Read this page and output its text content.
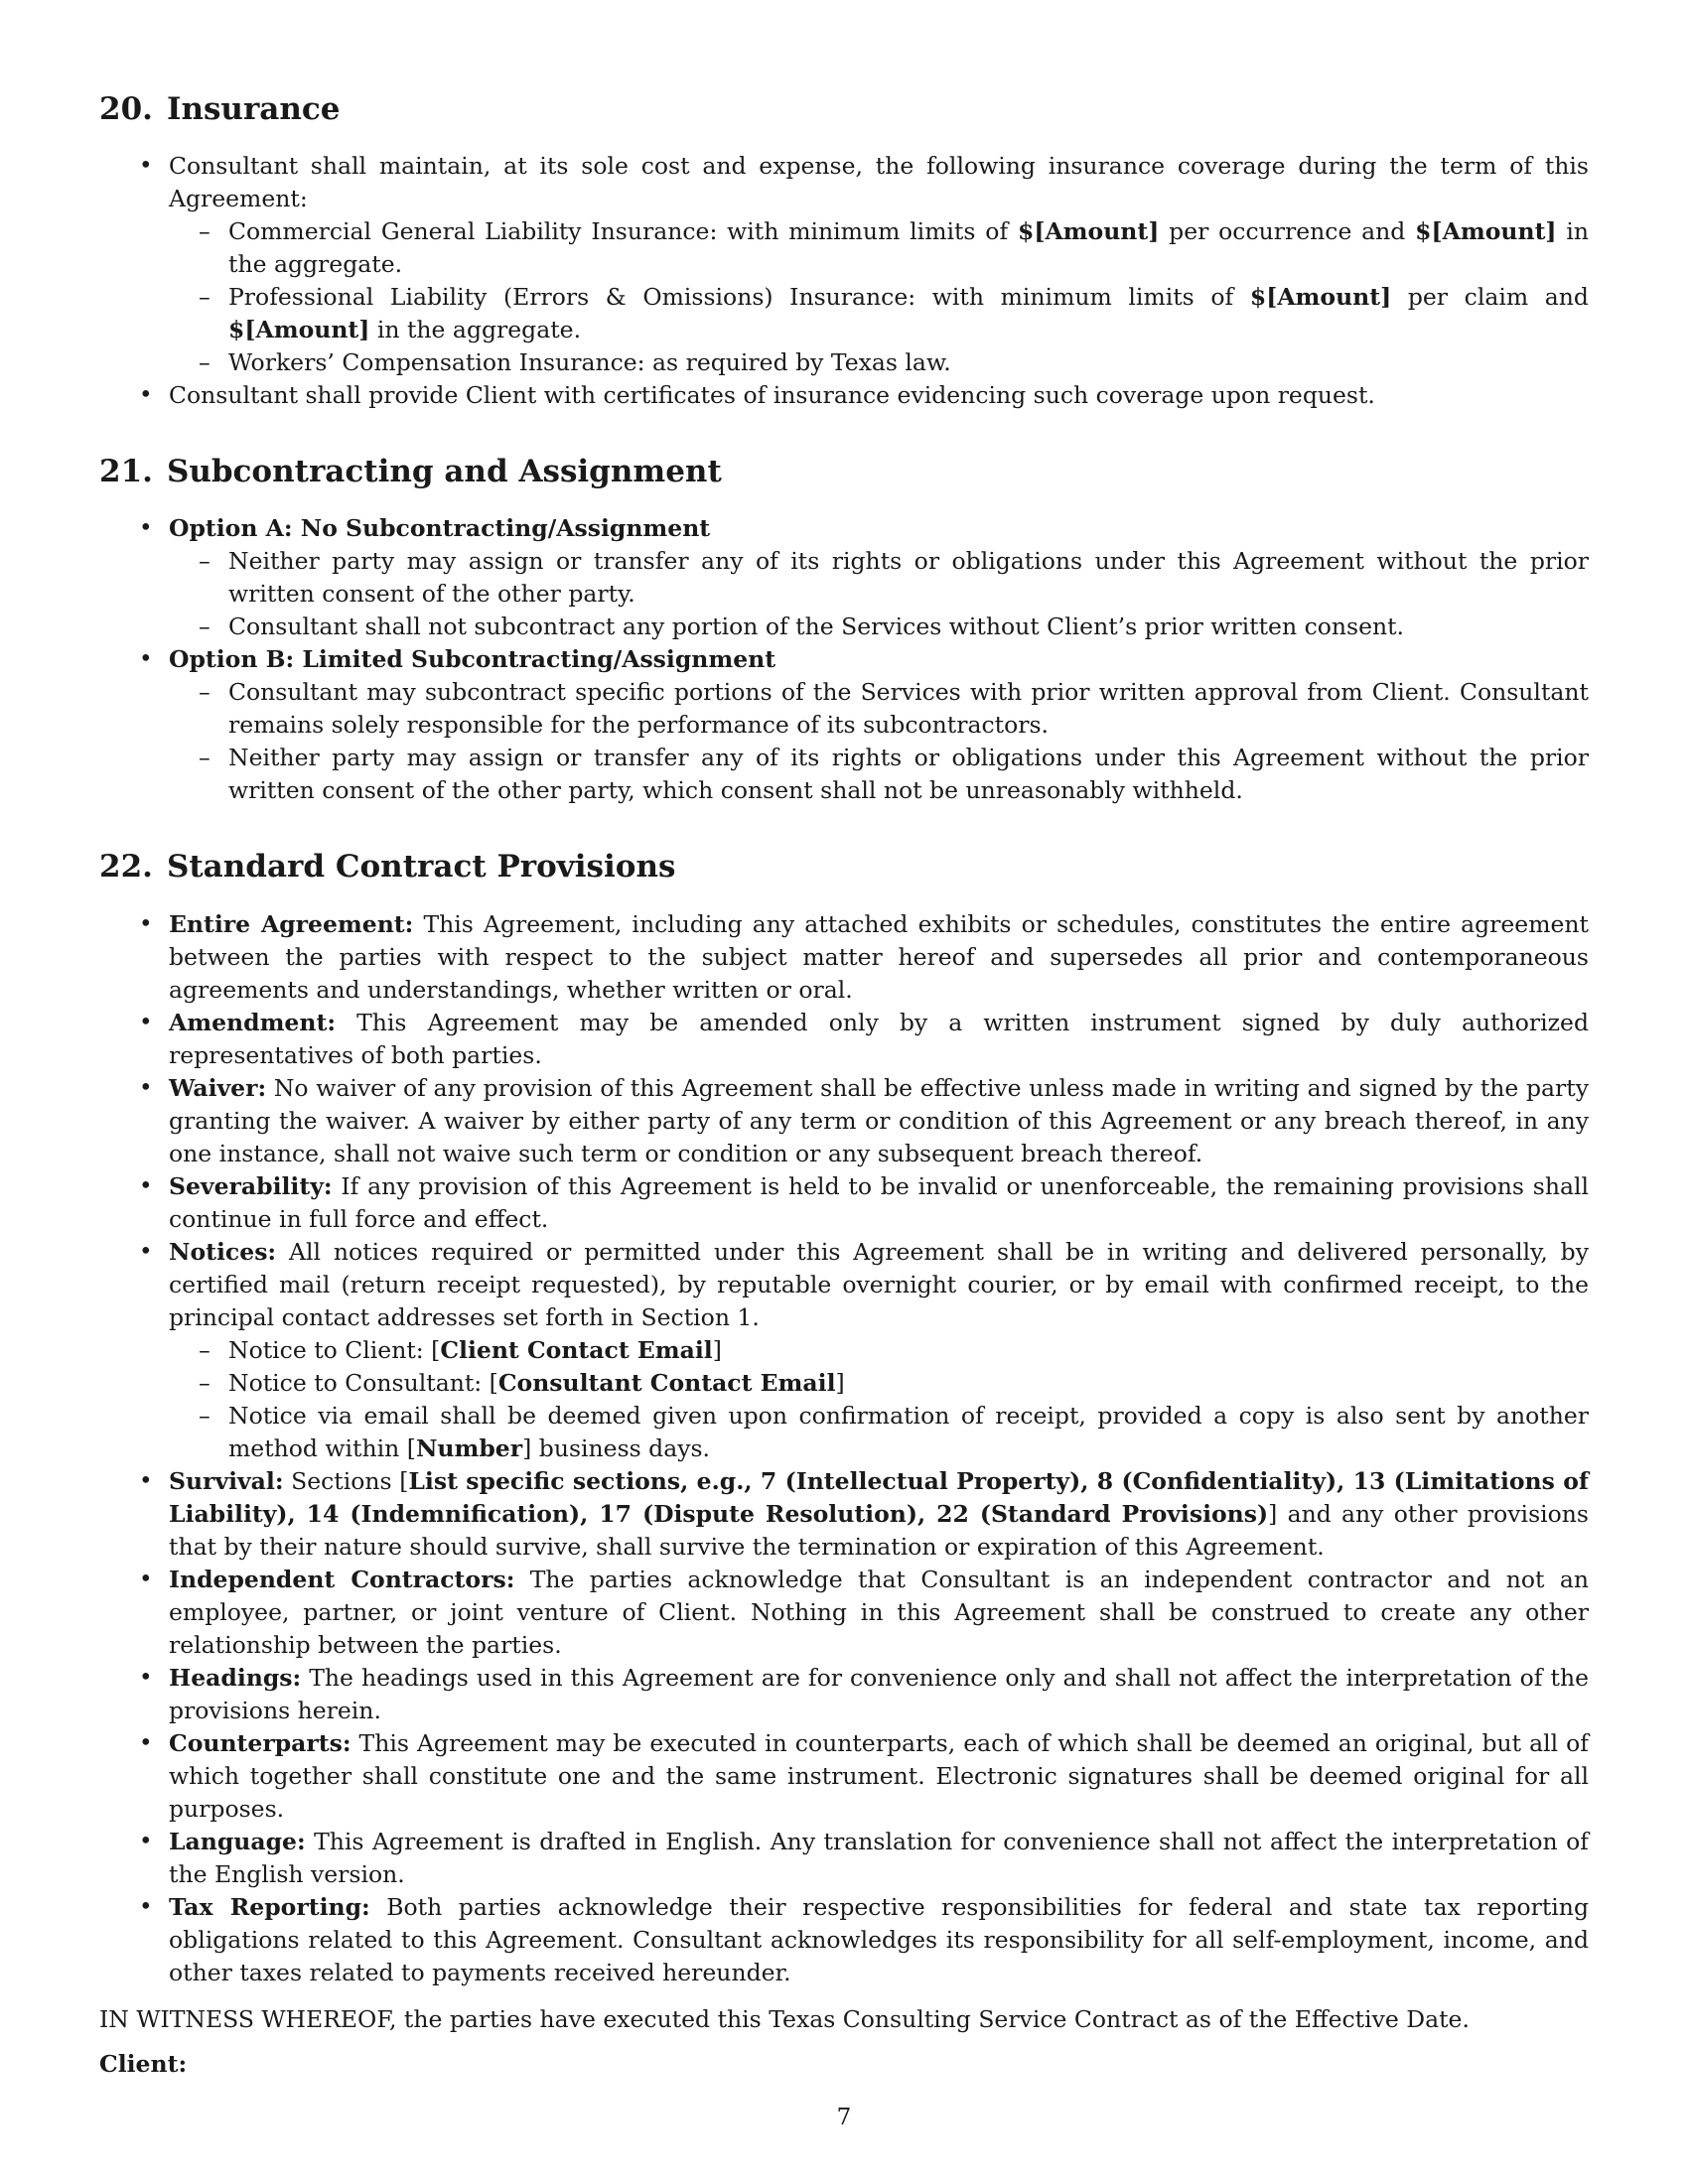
20. Insurance
• Consultant shall maintain, at its sole cost and expense, the following insurance coverage during the term of this Agreement:
– Commercial General Liability Insurance: with minimum limits of $[Amount] per occurrence and $[Amount] in the aggregate.
– Professional Liability (Errors & Omissions) Insurance: with minimum limits of $[Amount] per claim and $[Amount] in the aggregate.
– Workers’ Compensation Insurance: as required by Texas law.
• Consultant shall provide Client with certificates of insurance evidencing such coverage upon request.
21. Subcontracting and Assignment
• Option A: No Subcontracting/Assignment
– Neither party may assign or transfer any of its rights or obligations under this Agreement without the prior written consent of the other party.
– Consultant shall not subcontract any portion of the Services without Client’s prior written consent.
• Option B: Limited Subcontracting/Assignment
– Consultant may subcontract specific portions of the Services with prior written approval from Client. Consultant remains solely responsible for the performance of its subcontractors.
– Neither party may assign or transfer any of its rights or obligations under this Agreement without the prior written consent of the other party, which consent shall not be unreasonably withheld.
22. Standard Contract Provisions
• Entire Agreement: This Agreement, including any attached exhibits or schedules, constitutes the entire agreement between the parties with respect to the subject matter hereof and supersedes all prior and contemporaneous agreements and understandings, whether written or oral.
• Amendment: This Agreement may be amended only by a written instrument signed by duly authorized representatives of both parties.
• Waiver: No waiver of any provision of this Agreement shall be effective unless made in writing and signed by the party granting the waiver. A waiver by either party of any term or condition of this Agreement or any breach thereof, in any one instance, shall not waive such term or condition or any subsequent breach thereof.
• Severability: If any provision of this Agreement is held to be invalid or unenforceable, the remaining provisions shall continue in full force and effect.
• Notices: All notices required or permitted under this Agreement shall be in writing and delivered personally, by certified mail (return receipt requested), by reputable overnight courier, or by email with confirmed receipt, to the principal contact addresses set forth in Section 1.
– Notice to Client: [Client Contact Email]
– Notice to Consultant: [Consultant Contact Email]
– Notice via email shall be deemed given upon confirmation of receipt, provided a copy is also sent by another method within [Number] business days.
• Survival: Sections [List specific sections, e.g., 7 (Intellectual Property), 8 (Confidentiality), 13 (Limitations of Liability), 14 (Indemnification), 17 (Dispute Resolution), 22 (Standard Provisions)] and any other provisions that by their nature should survive, shall survive the termination or expiration of this Agreement.
• Independent Contractors: The parties acknowledge that Consultant is an independent contractor and not an employee, partner, or joint venture of Client. Nothing in this Agreement shall be construed to create any other relationship between the parties.
• Headings: The headings used in this Agreement are for convenience only and shall not affect the interpretation of the provisions herein.
• Counterparts: This Agreement may be executed in counterparts, each of which shall be deemed an original, but all of which together shall constitute one and the same instrument. Electronic signatures shall be deemed original for all purposes.
• Language: This Agreement is drafted in English. Any translation for convenience shall not affect the interpretation of the English version.
• Tax Reporting: Both parties acknowledge their respective responsibilities for federal and state tax reporting obligations related to this Agreement. Consultant acknowledges its responsibility for all self-employment, income, and other taxes related to payments received hereunder.
IN WITNESS WHEREOF, the parties have executed this Texas Consulting Service Contract as of the Effective Date.
Client:
7
